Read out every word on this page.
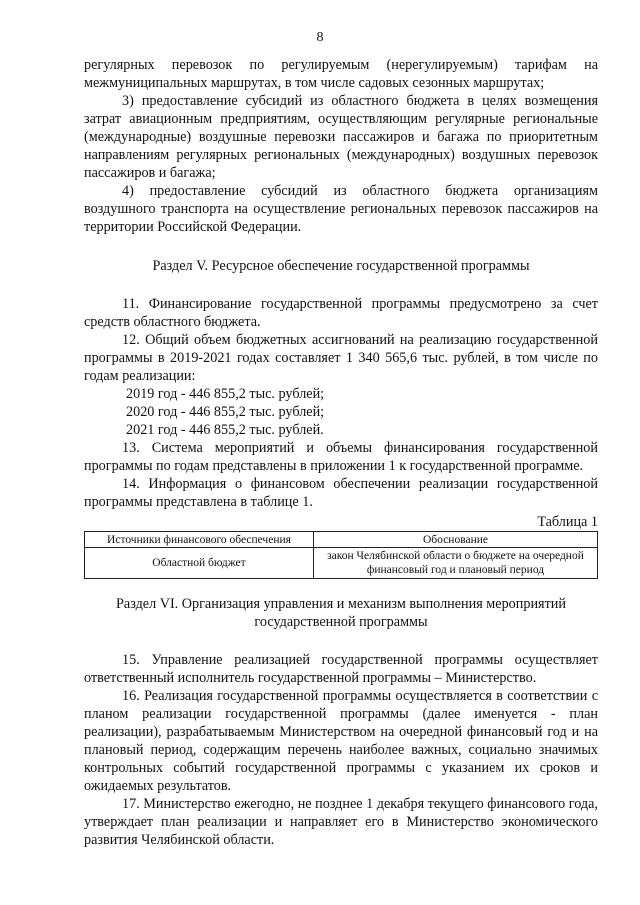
8

регулярных перевозок по регулируемым (нерегулируемым) тарифам на межмуниципальных маршрутах, в том числе садовых сезонных маршрутах;

3) предоставление субсидий из областного бюджета в целях возмещения затрат авиационным предприятиям, осуществляющим регулярные региональные (международные) воздушные перевозки пассажиров и багажа по приоритетным направлениям регулярных региональных (международных) воздушных перевозок пассажиров и багажа;

4) предоставление субсидий из областного бюджета организациям воздушного транспорта на осуществление региональных перевозок пассажиров на территории Российской Федерации.

Раздел V. Ресурсное обеспечение государственной программы

11. Финансирование государственной программы предусмотрено за счет средств областного бюджета.

12. Общий объем бюджетных ассигнований на реализацию государственной программы в 2019-2021 годах составляет 1 340 565,6 тыс. рублей, в том числе по годам реализации:

2019 год - 446 855,2 тыс. рублей;
2020 год - 446 855,2 тыс. рублей;
2021 год - 446 855,2 тыс. рублей.

13. Система мероприятий и объемы финансирования государственной программы по годам представлены в приложении 1 к государственной программе.

14. Информация о финансовом обеспечении реализации государственной программы представлена в таблице 1.

Таблица 1
Источники финансового обеспечения	Обоснование
Областной бюджет	закон Челябинской области о бюджете на очередной финансовый год и плановый период

Раздел VI. Организация управления и механизм выполнения мероприятий

государственной программы

15. Управление реализацией государственной программы осуществляет ответственный исполнитель государственной программы – Министерство.

16. Реализация государственной программы осуществляется в соответствии с планом реализации государственной программы (далее именуется - план реализации), разрабатываемым Министерством на очередной финансовый год и на плановый период, содержащим перечень наиболее важных, социально значимых контрольных событий государственной программы с указанием их сроков и ожидаемых результатов.

17. Министерство ежегодно, не позднее 1 декабря текущего финансового года, утверждает план реализации и направляет его в Министерство экономического развития Челябинской области.
